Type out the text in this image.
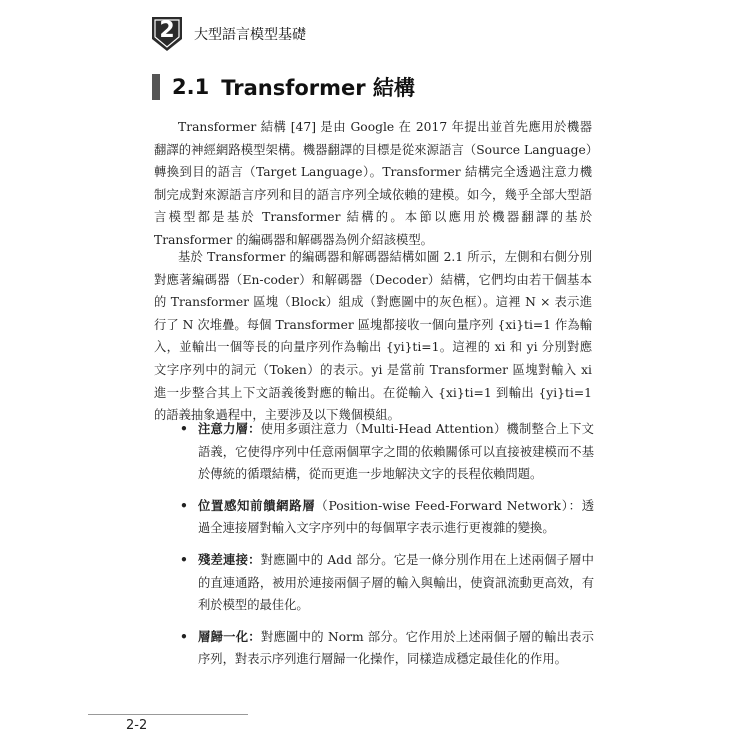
2	大型語言模型基礎
2.1 Transformer 結構

Transformer 結構 [47] 是由 Google 在 2017 年提出並首先應用於機器翻譯的神經網路模型架構。機器翻譯的目標是從來源語言（Source Language）轉換到目的語言（Target Language）。Transformer 結構完全透過注意力機制完成對來源語言序列和目的語言序列全域依賴的建模。如今，幾乎全部大型語言模型都是基於 Transformer 結構的。本節以應用於機器翻譯的基於 Transformer 的編碼器和解碼器為例介紹該模型。

基於 Transformer 的編碼器和解碼器結構如圖 2.1 所示，左側和右側分別對應著編碼器（En-coder）和解碼器（Decoder）結構，它們均由若干個基本的 Transformer 區塊（Block）組成（對應圖中的灰色框）。這裡 N × 表示進行了 N 次堆疊。每個 Transformer 區塊都接收一個向量序列 {xi}ti=1 作為輸入，並輸出一個等長的向量序列作為輸出 {yi}ti=1。這裡的 xi 和 yi 分別對應文字序列中的詞元（Token）的表示。yi 是當前 Transformer 區塊對輸入 xi 進一步整合其上下文語義後對應的輸出。在從輸入 {xi}ti=1 到輸出 {yi}ti=1 的語義抽象過程中，主要涉及以下幾個模組。

• 注意力層：使用多頭注意力（Multi-Head Attention）機制整合上下文語義，它使得序列中任意兩個單字之間的依賴關係可以直接被建模而不基於傳統的循環結構，從而更進一步地解決文字的長程依賴問題。
• 位置感知前饋網路層（Position-wise Feed-Forward Network）：透過全連接層對輸入文字序列中的每個單字表示進行更複雜的變換。
• 殘差連接：對應圖中的 Add 部分。它是一條分別作用在上述兩個子層中的直連通路，被用於連接兩個子層的輸入與輸出，使資訊流動更高效，有利於模型的最佳化。
• 層歸一化：對應圖中的 Norm 部分。它作用於上述兩個子層的輸出表示序列，對表示序列進行層歸一化操作，同樣造成穩定最佳化的作用。
2-2
